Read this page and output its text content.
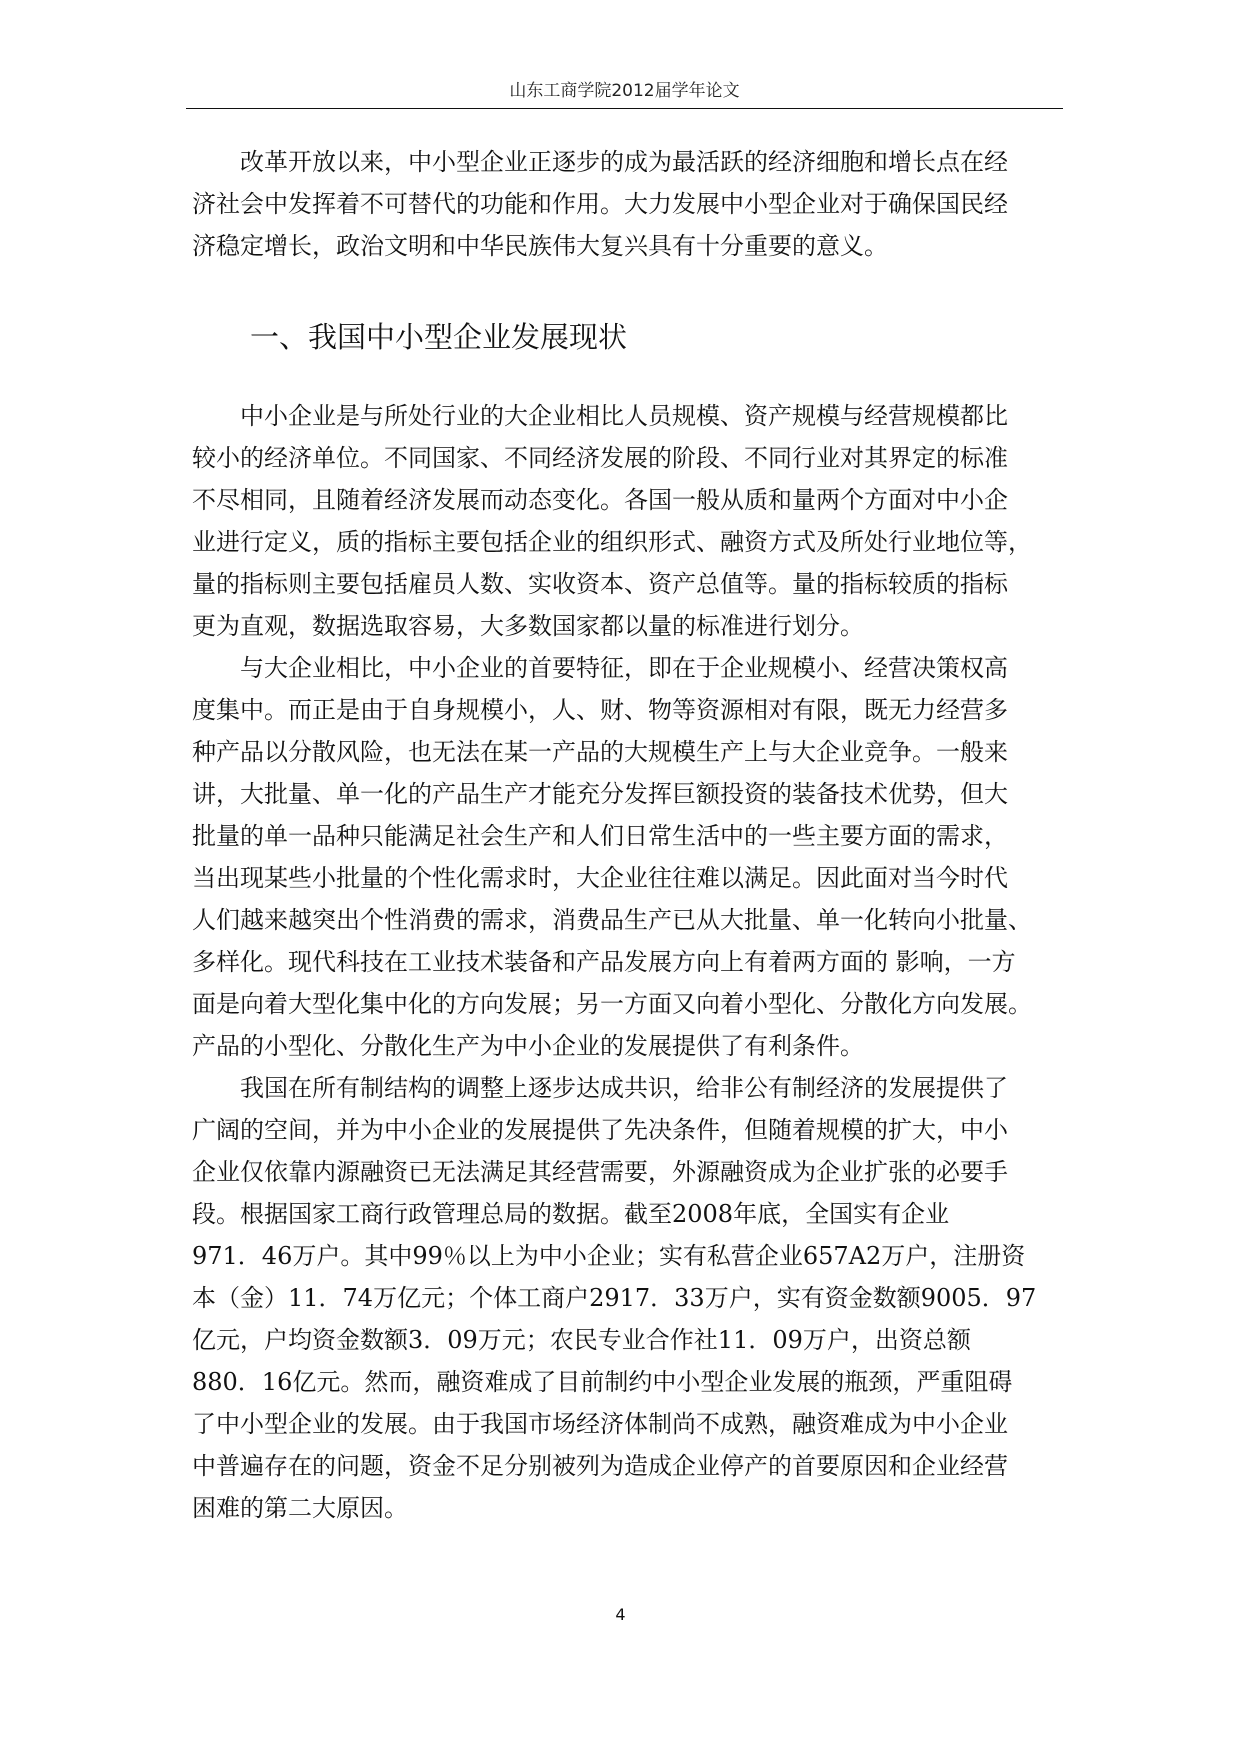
山东工商学院2012届学年论文
改革开放以来，中小型企业正逐步的成为最活跃的经济细胞和增长点在经
济社会中发挥着不可替代的功能和作用。大力发展中小型企业对于确保国民经
济稳定增长，政治文明和中华民族伟大复兴具有十分重要的意义。
一、我国中小型企业发展现状
中小企业是与所处行业的大企业相比人员规模、资产规模与经营规模都比
较小的经济单位。不同国家、不同经济发展的阶段、不同行业对其界定的标准
不尽相同，且随着经济发展而动态变化。各国一般从质和量两个方面对中小企
业进行定义，质的指标主要包括企业的组织形式、融资方式及所处行业地位等，
量的指标则主要包括雇员人数、实收资本、资产总值等。量的指标较质的指标
更为直观，数据选取容易，大多数国家都以量的标准进行划分。
与大企业相比，中小企业的首要特征，即在于企业规模小、经营决策权高
度集中。而正是由于自身规模小，人、财、物等资源相对有限，既无力经营多
种产品以分散风险，也无法在某一产品的大规模生产上与大企业竞争。一般来
讲，大批量、单一化的产品生产才能充分发挥巨额投资的装备技术优势，但大
批量的单一品种只能满足社会生产和人们日常生活中的一些主要方面的需求，
当出现某些小批量的个性化需求时，大企业往往难以满足。因此面对当今时代
人们越来越突出个性消费的需求，消费品生产已从大批量、单一化转向小批量、
多样化。现代科技在工业技术装备和产品发展方向上有着两方面的 影响，一方
面是向着大型化集中化的方向发展；另一方面又向着小型化、分散化方向发展。
产品的小型化、分散化生产为中小企业的发展提供了有利条件。
我国在所有制结构的调整上逐步达成共识，给非公有制经济的发展提供了
广阔的空间，并为中小企业的发展提供了先决条件，但随着规模的扩大，中小
企业仅依靠内源融资已无法满足其经营需要，外源融资成为企业扩张的必要手
段。根据国家工商行政管理总局的数据。截至2008年底，全国实有企业
971．46万户。其中99％以上为中小企业；实有私营企业657A2万户，注册资
本（金）11．74万亿元；个体工商户2917．33万户，实有资金数额9005．97
亿元，户均资金数额3．09万元；农民专业合作社11．09万户，出资总额
880．16亿元。然而，融资难成了目前制约中小型企业发展的瓶颈，严重阻碍
了中小型企业的发展。由于我国市场经济体制尚不成熟，融资难成为中小企业
中普遍存在的问题，资金不足分别被列为造成企业停产的首要原因和企业经营
困难的第二大原因。
4
